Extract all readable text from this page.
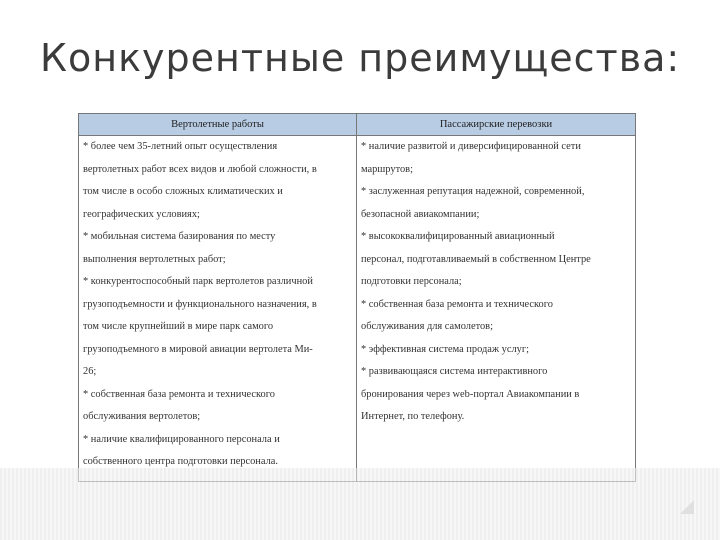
Конкурентные преимущества:
Вертолетные работы	Пассажирские перевозки
* более чем 35-летний опыт осуществления
вертолетных работ всех видов и любой сложности, в
том числе в особо сложных климатических и
географических условиях;
* мобильная система базирования по месту
выполнения вертолетных работ;
* конкурентоспособный парк вертолетов различной
грузоподъемности и функционального назначения, в
том числе крупнейший в мире парк самого
грузоподъемного в мировой авиации вертолета Ми-
26;
* собственная база ремонта и технического
обслуживания вертолетов;
* наличие квалифицированного персонала и
собственного центра подготовки персонала.
* наличие развитой и диверсифицированной сети
маршрутов;
* заслуженная репутация надежной, современной,
безопасной авиакомпании;
* высококвалифицированный авиационный
персонал, подготавливаемый в собственном Центре
подготовки персонала;
* собственная база ремонта и технического
обслуживания для самолетов;
* эффективная система продаж услуг;
* развивающаяся система интерактивного
бронирования через web-портал Авиакомпании в
Интернет, по телефону.
